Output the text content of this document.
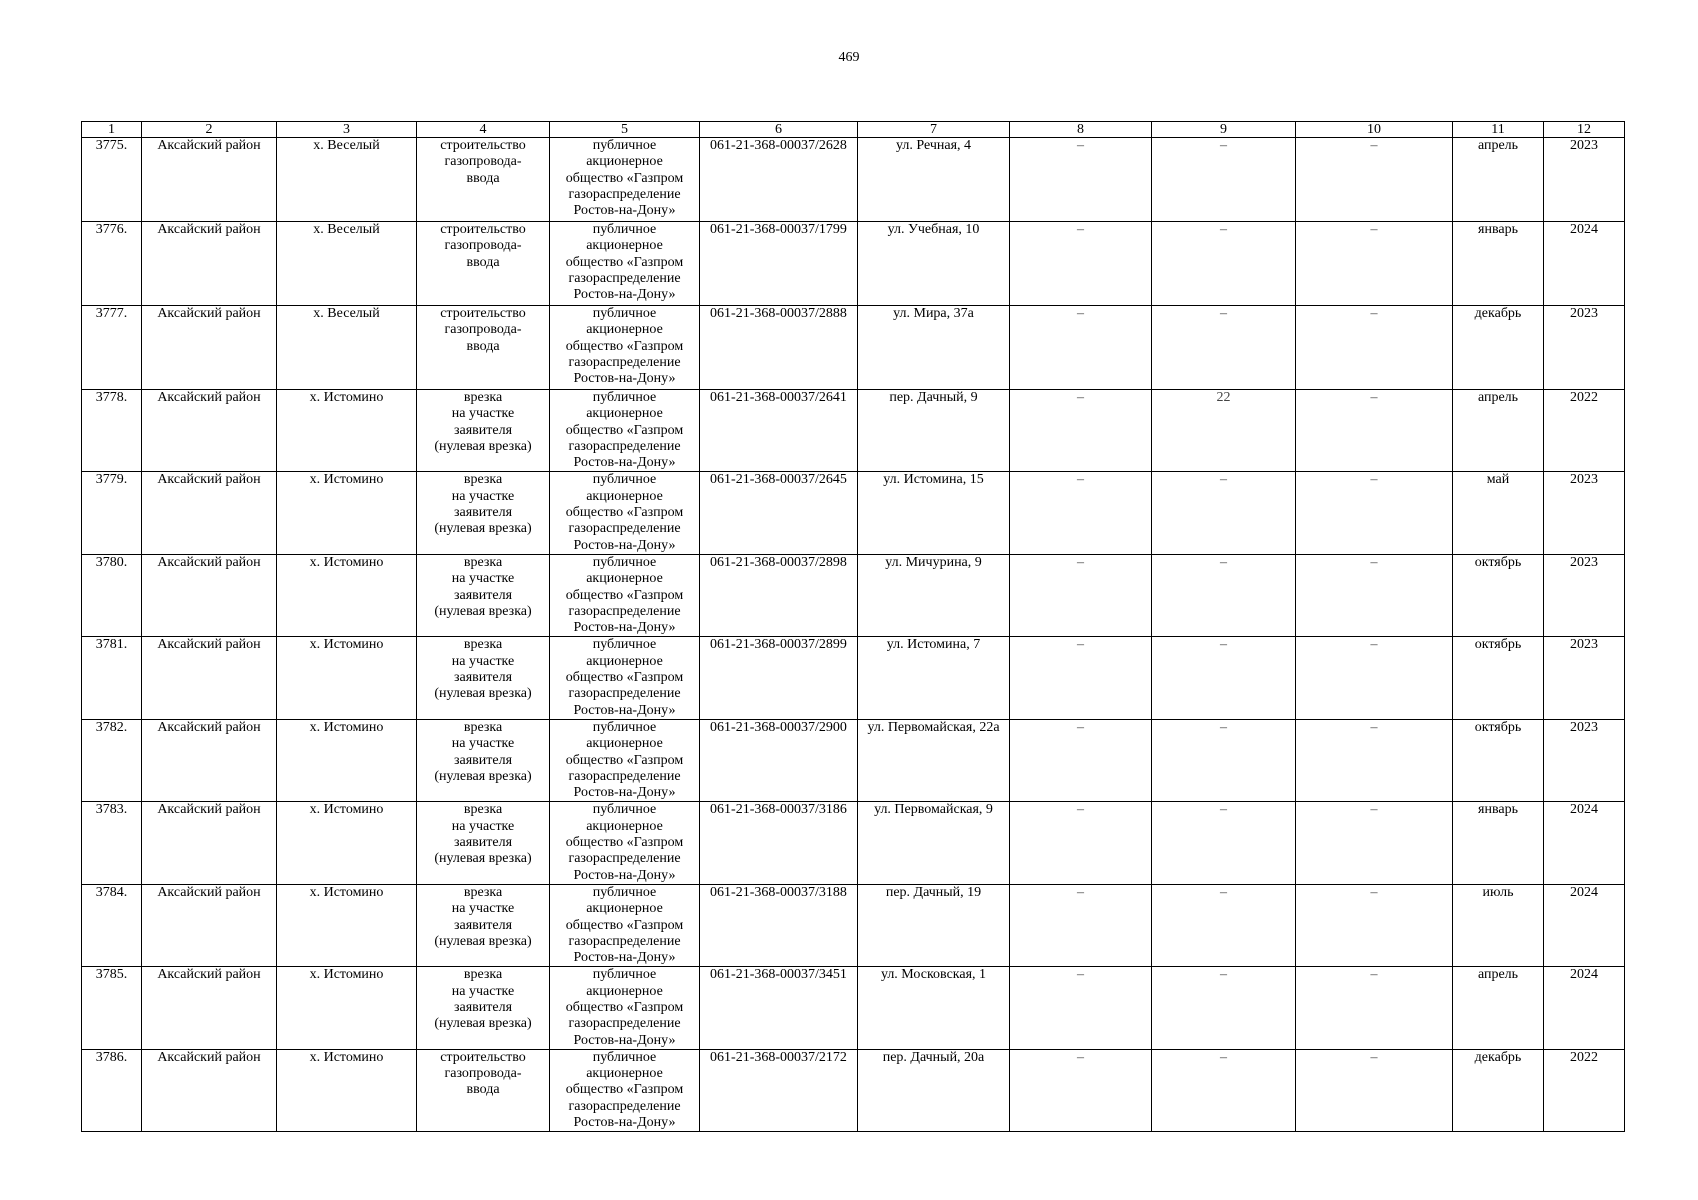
469
1	2	3	4	5	6	7	8	9	10	11	12
3775.	Аксайский район	х. Веселый	строительство
газопровода-
ввода	публичное
акционерное
общество «Газпром
газораспределение
Ростов-на-Дону»	061-21-368-00037/2628	ул. Речная, 4	–	–	–	апрель	2023
3776.	Аксайский район	х. Веселый	строительство
газопровода-
ввода	публичное
акционерное
общество «Газпром
газораспределение
Ростов-на-Дону»	061-21-368-00037/1799	ул. Учебная, 10	–	–	–	январь	2024
3777.	Аксайский район	х. Веселый	строительство
газопровода-
ввода	публичное
акционерное
общество «Газпром
газораспределение
Ростов-на-Дону»	061-21-368-00037/2888	ул. Мира, 37а	–	–	–	декабрь	2023
3778.	Аксайский район	х. Истомино	врезка
на участке
заявителя
(нулевая врезка)	публичное
акционерное
общество «Газпром
газораспределение
Ростов-на-Дону»	061-21-368-00037/2641	пер. Дачный, 9	–	22	–	апрель	2022
3779.	Аксайский район	х. Истомино	врезка
на участке
заявителя
(нулевая врезка)	публичное
акционерное
общество «Газпром
газораспределение
Ростов-на-Дону»	061-21-368-00037/2645	ул. Истомина, 15	–	–	–	май	2023
3780.	Аксайский район	х. Истомино	врезка
на участке
заявителя
(нулевая врезка)	публичное
акционерное
общество «Газпром
газораспределение
Ростов-на-Дону»	061-21-368-00037/2898	ул. Мичурина, 9	–	–	–	октябрь	2023
3781.	Аксайский район	х. Истомино	врезка
на участке
заявителя
(нулевая врезка)	публичное
акционерное
общество «Газпром
газораспределение
Ростов-на-Дону»	061-21-368-00037/2899	ул. Истомина, 7	–	–	–	октябрь	2023
3782.	Аксайский район	х. Истомино	врезка
на участке
заявителя
(нулевая врезка)	публичное
акционерное
общество «Газпром
газораспределение
Ростов-на-Дону»	061-21-368-00037/2900	ул. Первомайская, 22а	–	–	–	октябрь	2023
3783.	Аксайский район	х. Истомино	врезка
на участке
заявителя
(нулевая врезка)	публичное
акционерное
общество «Газпром
газораспределение
Ростов-на-Дону»	061-21-368-00037/3186	ул. Первомайская, 9	–	–	–	январь	2024
3784.	Аксайский район	х. Истомино	врезка
на участке
заявителя
(нулевая врезка)	публичное
акционерное
общество «Газпром
газораспределение
Ростов-на-Дону»	061-21-368-00037/3188	пер. Дачный, 19	–	–	–	июль	2024
3785.	Аксайский район	х. Истомино	врезка
на участке
заявителя
(нулевая врезка)	публичное
акционерное
общество «Газпром
газораспределение
Ростов-на-Дону»	061-21-368-00037/3451	ул. Московская, 1	–	–	–	апрель	2024
3786.	Аксайский район	х. Истомино	строительство
газопровода-
ввода	публичное
акционерное
общество «Газпром
газораспределение
Ростов-на-Дону»	061-21-368-00037/2172	пер. Дачный, 20а	–	–	–	декабрь	2022
